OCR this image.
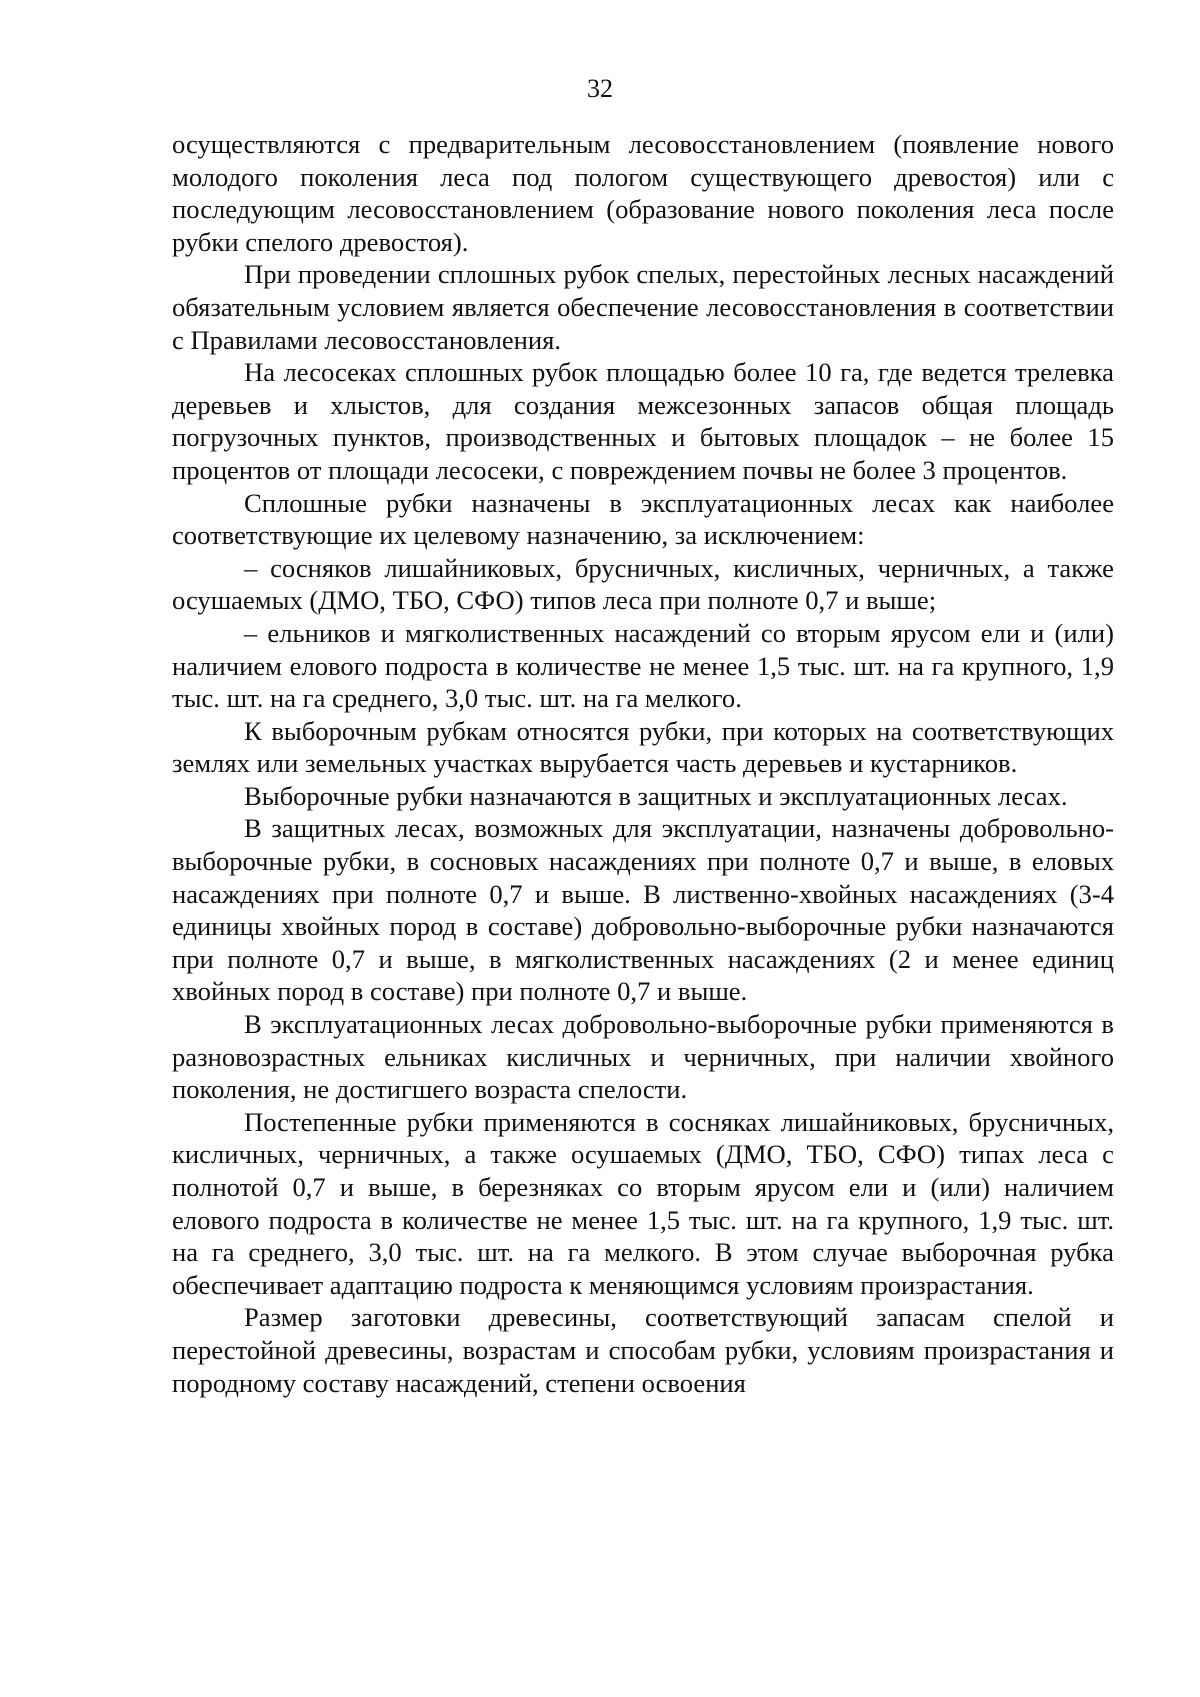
32

осуществляются с предварительным лесовосстановлением (появление нового молодого поколения леса под пологом существующего древостоя) или с последующим лесовосстановлением (образование нового поколения леса после рубки спелого древостоя).

При проведении сплошных рубок спелых, перестойных лесных насаждений обязательным условием является обеспечение лесовосстановления в соответствии с Правилами лесовосстановления.

На лесосеках сплошных рубок площадью более 10 га, где ведется трелевка деревьев и хлыстов, для создания межсезонных запасов общая площадь погрузочных пунктов, производственных и бытовых площадок – не более 15 процентов от площади лесосеки, с повреждением почвы не более 3 процентов.

Сплошные рубки назначены в эксплуатационных лесах как наиболее соответствующие их целевому назначению, за исключением:

– сосняков лишайниковых, брусничных, кисличных, черничных, а также осушаемых (ДМО, ТБО, СФО) типов леса при полноте 0,7 и выше;

– ельников и мягколиственных насаждений со вторым ярусом ели и (или) наличием елового подроста в количестве не менее 1,5 тыс. шт. на га крупного, 1,9 тыс. шт. на га среднего, 3,0 тыс. шт. на га мелкого.

К выборочным рубкам относятся рубки, при которых на соответствующих землях или земельных участках вырубается часть деревьев и кустарников.

Выборочные рубки назначаются в защитных и эксплуатационных лесах.

В защитных лесах, возможных для эксплуатации, назначены добровольно-выборочные рубки, в сосновых насаждениях при полноте 0,7 и выше, в еловых насаждениях при полноте 0,7 и выше. В лиственно-хвойных насаждениях (3-4 единицы хвойных пород в составе) добровольно-выборочные рубки назначаются при полноте 0,7 и выше, в мягколиственных насаждениях (2 и менее единиц хвойных пород в составе) при полноте 0,7 и выше.

В эксплуатационных лесах добровольно-выборочные рубки применяются в разновозрастных ельниках кисличных и черничных, при наличии хвойного поколения, не достигшего возраста спелости.

Постепенные рубки применяются в сосняках лишайниковых, брусничных, кисличных, черничных, а также осушаемых (ДМО, ТБО, СФО) типах леса с полнотой 0,7 и выше, в березняках со вторым ярусом ели и (или) наличием елового подроста в количестве не менее 1,5 тыс. шт. на га крупного, 1,9 тыс. шт. на га среднего, 3,0 тыс. шт. на га мелкого. В этом случае выборочная рубка обеспечивает адаптацию подроста к меняющимся условиям произрастания.

Размер заготовки древесины, соответствующий запасам спелой и перестойной древесины, возрастам и способам рубки, условиям произрастания и породному составу насаждений, степени освоения
